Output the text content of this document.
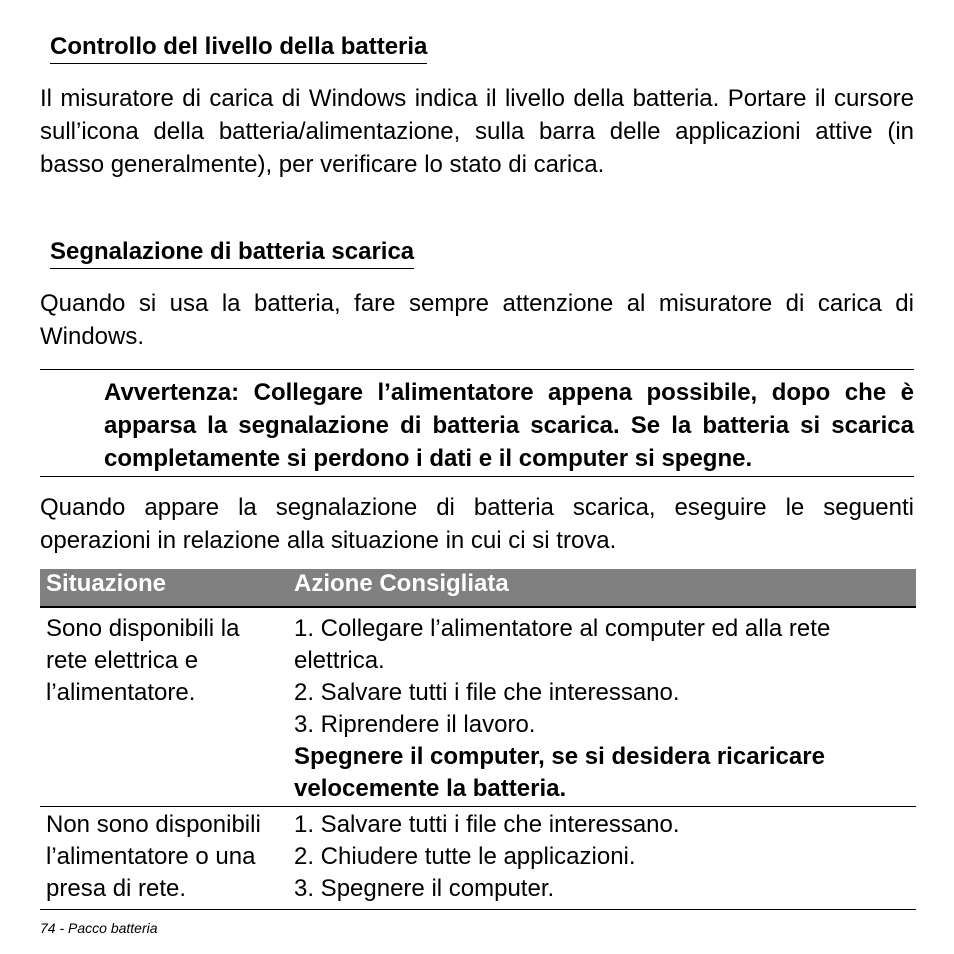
Controllo del livello della batteria
Il misuratore di carica di Windows indica il livello della batteria. Portare il cursore sull’icona della batteria/alimentazione, sulla barra delle applicazioni attive (in basso generalmente), per verificare lo stato di carica.
Segnalazione di batteria scarica
Quando si usa la batteria, fare sempre attenzione al misuratore di carica di Windows.
Avvertenza: Collegare l’alimentatore appena possibile, dopo che è apparsa la segnalazione di batteria scarica. Se la batteria si scarica completamente si perdono i dati e il computer si spegne.
Quando appare la segnalazione di batteria scarica, eseguire le seguenti operazioni in relazione alla situazione in cui ci si trova.
Situazione	Azione Consigliata
Sono disponibili la
rete elettrica e
l’alimentatore.
1. Collegare l’alimentatore al computer ed alla rete
elettrica.
2. Salvare tutti i file che interessano.
3. Riprendere il lavoro.
Spegnere il computer, se si desidera ricaricare
velocemente la batteria.
Non sono disponibili
l’alimentatore o una
presa di rete.
1. Salvare tutti i file che interessano.
2. Chiudere tutte le applicazioni.
3. Spegnere il computer.
74 - Pacco batteria
